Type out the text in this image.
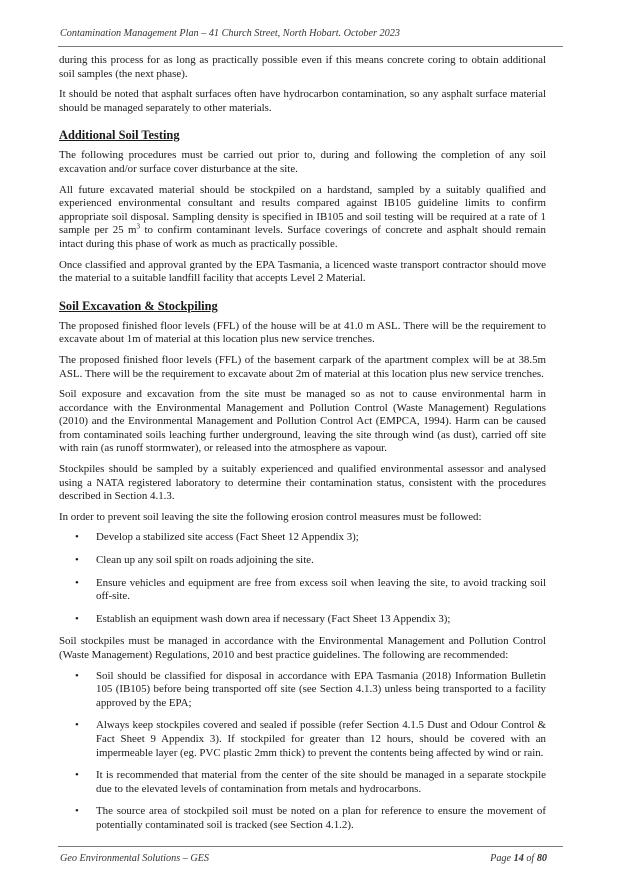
Contamination Management Plan – 41 Church Street, North Hobart. October 2023

during this process for as long as practically possible even if this means concrete coring to obtain additional soil samples (the next phase).

It should be noted that asphalt surfaces often have hydrocarbon contamination, so any asphalt surface material should be managed separately to other materials.

Additional Soil Testing

The following procedures must be carried out prior to, during and following the completion of any soil excavation and/or surface cover disturbance at the site.

All future excavated material should be stockpiled on a hardstand, sampled by a suitably qualified and experienced environmental consultant and results compared against IB105 guideline limits to confirm appropriate soil disposal. Sampling density is specified in IB105 and soil testing will be required at a rate of 1 sample per 25 $m^3$ to confirm contaminant levels. Surface coverings of concrete and asphalt should remain intact during this phase of work as much as practically possible.

Once classified and approval granted by the EPA Tasmania, a licenced waste transport contractor should move the material to a suitable landfill facility that accepts Level 2 Material.

Soil Excavation & Stockpiling

The proposed finished floor levels (FFL) of the house will be at 41.0 m ASL. There will be the requirement to excavate about 1m of material at this location plus new service trenches.

The proposed finished floor levels (FFL) of the basement carpark of the apartment complex will be at 38.5m ASL. There will be the requirement to excavate about 2m of material at this location plus new service trenches.

Soil exposure and excavation from the site must be managed so as not to cause environmental harm in accordance with the Environmental Management and Pollution Control (Waste Management) Regulations (2010) and the Environmental Management and Pollution Control Act (EMPCA, 1994). Harm can be caused from contaminated soils leaching further underground, leaving the site through wind (as dust), carried off site with rain (as runoff stormwater), or released into the atmosphere as vapour.

Stockpiles should be sampled by a suitably experienced and qualified environmental assessor and analysed using a NATA registered laboratory to determine their contamination status, consistent with the procedures described in Section 4.1.3.

In order to prevent soil leaving the site the following erosion control measures must be followed:

• Develop a stabilized site access (Fact Sheet 12 Appendix 3);
• Clean up any soil spilt on roads adjoining the site.
• Ensure vehicles and equipment are free from excess soil when leaving the site, to avoid tracking soil off-site.
• Establish an equipment wash down area if necessary (Fact Sheet 13 Appendix 3);

Soil stockpiles must be managed in accordance with the Environmental Management and Pollution Control (Waste Management) Regulations, 2010 and best practice guidelines. The following are recommended:

• Soil should be classified for disposal in accordance with EPA Tasmania (2018) Information Bulletin 105 (IB105) before being transported off site (see Section 4.1.3) unless being transported to a facility approved by the EPA;
• Always keep stockpiles covered and sealed if possible (refer Section 4.1.5 Dust and Odour Control & Fact Sheet 9 Appendix 3). If stockpiled for greater than 12 hours, should be covered with an impermeable layer (eg. PVC plastic 2mm thick) to prevent the contents being affected by wind or rain.
• It is recommended that material from the center of the site should be managed in a separate stockpile due to the elevated levels of contamination from metals and hydrocarbons.
• The source area of stockpiled soil must be noted on a plan for reference to ensure the movement of potentially contaminated soil is tracked (see Section 4.1.2).
Geo Environmental Solutions – GES	Page 14 of 80
